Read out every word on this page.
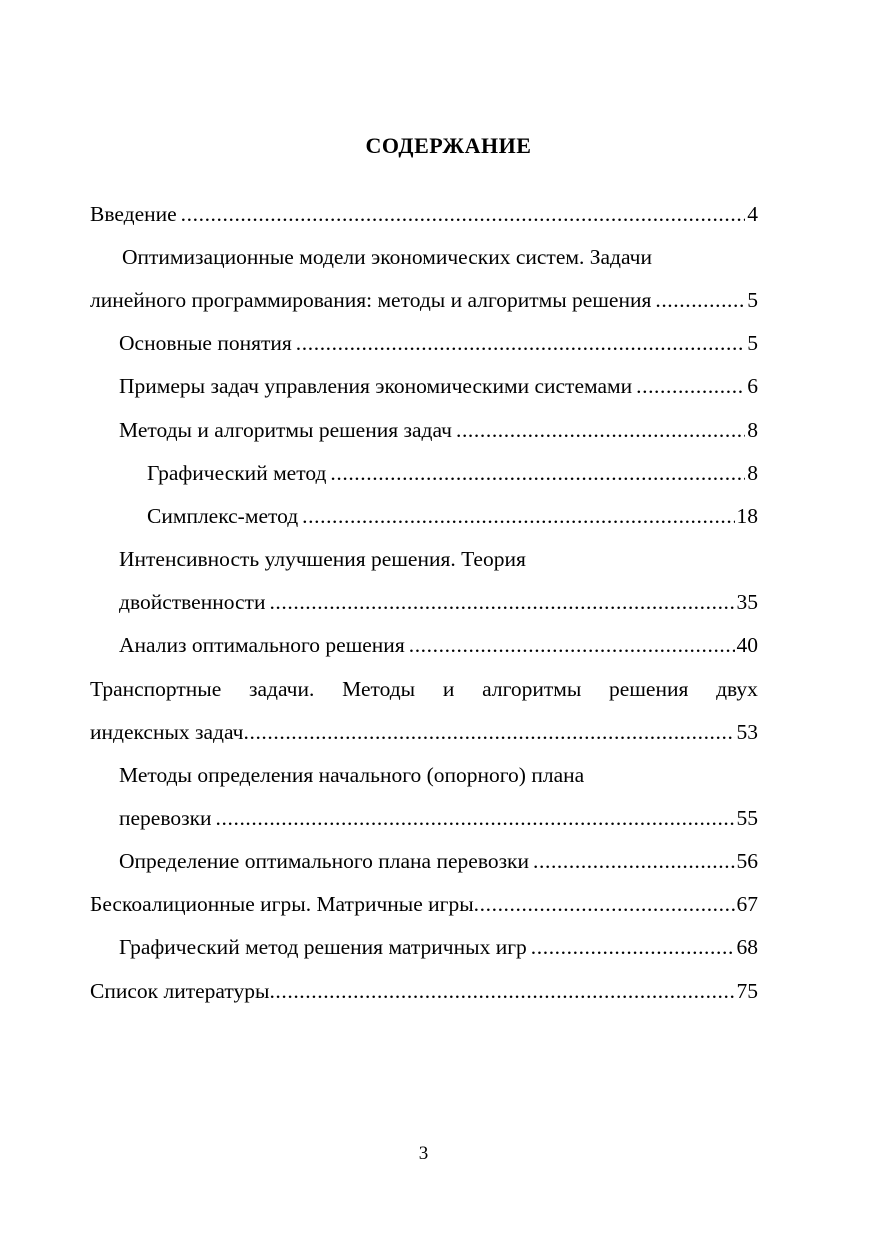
СОДЕРЖАНИЕ
Введение .....	4
Оптимизационные модели экономических систем. Задачи
линейного программирования: методы и алгоритмы решения .....	5
Основные понятия .....	5
Примеры задач управления экономическими системами .....	6
Методы и алгоритмы решения задач .....	8
Графический метод .....	8
Симплекс-метод .....	18
Интенсивность улучшения решения. Теория
двойственности .....	35
Анализ оптимального решения .....	40
Транспортные задачи. Методы и алгоритмы решения двух
индексных задач .....	53
Методы определения начального (опорного) плана
перевозки .....	55
Определение оптимального плана перевозки .....	56
Бескоалиционные игры. Матричные игры .....	67
Графический метод решения матричных игр .....	68
Список литературы .....	75
3
